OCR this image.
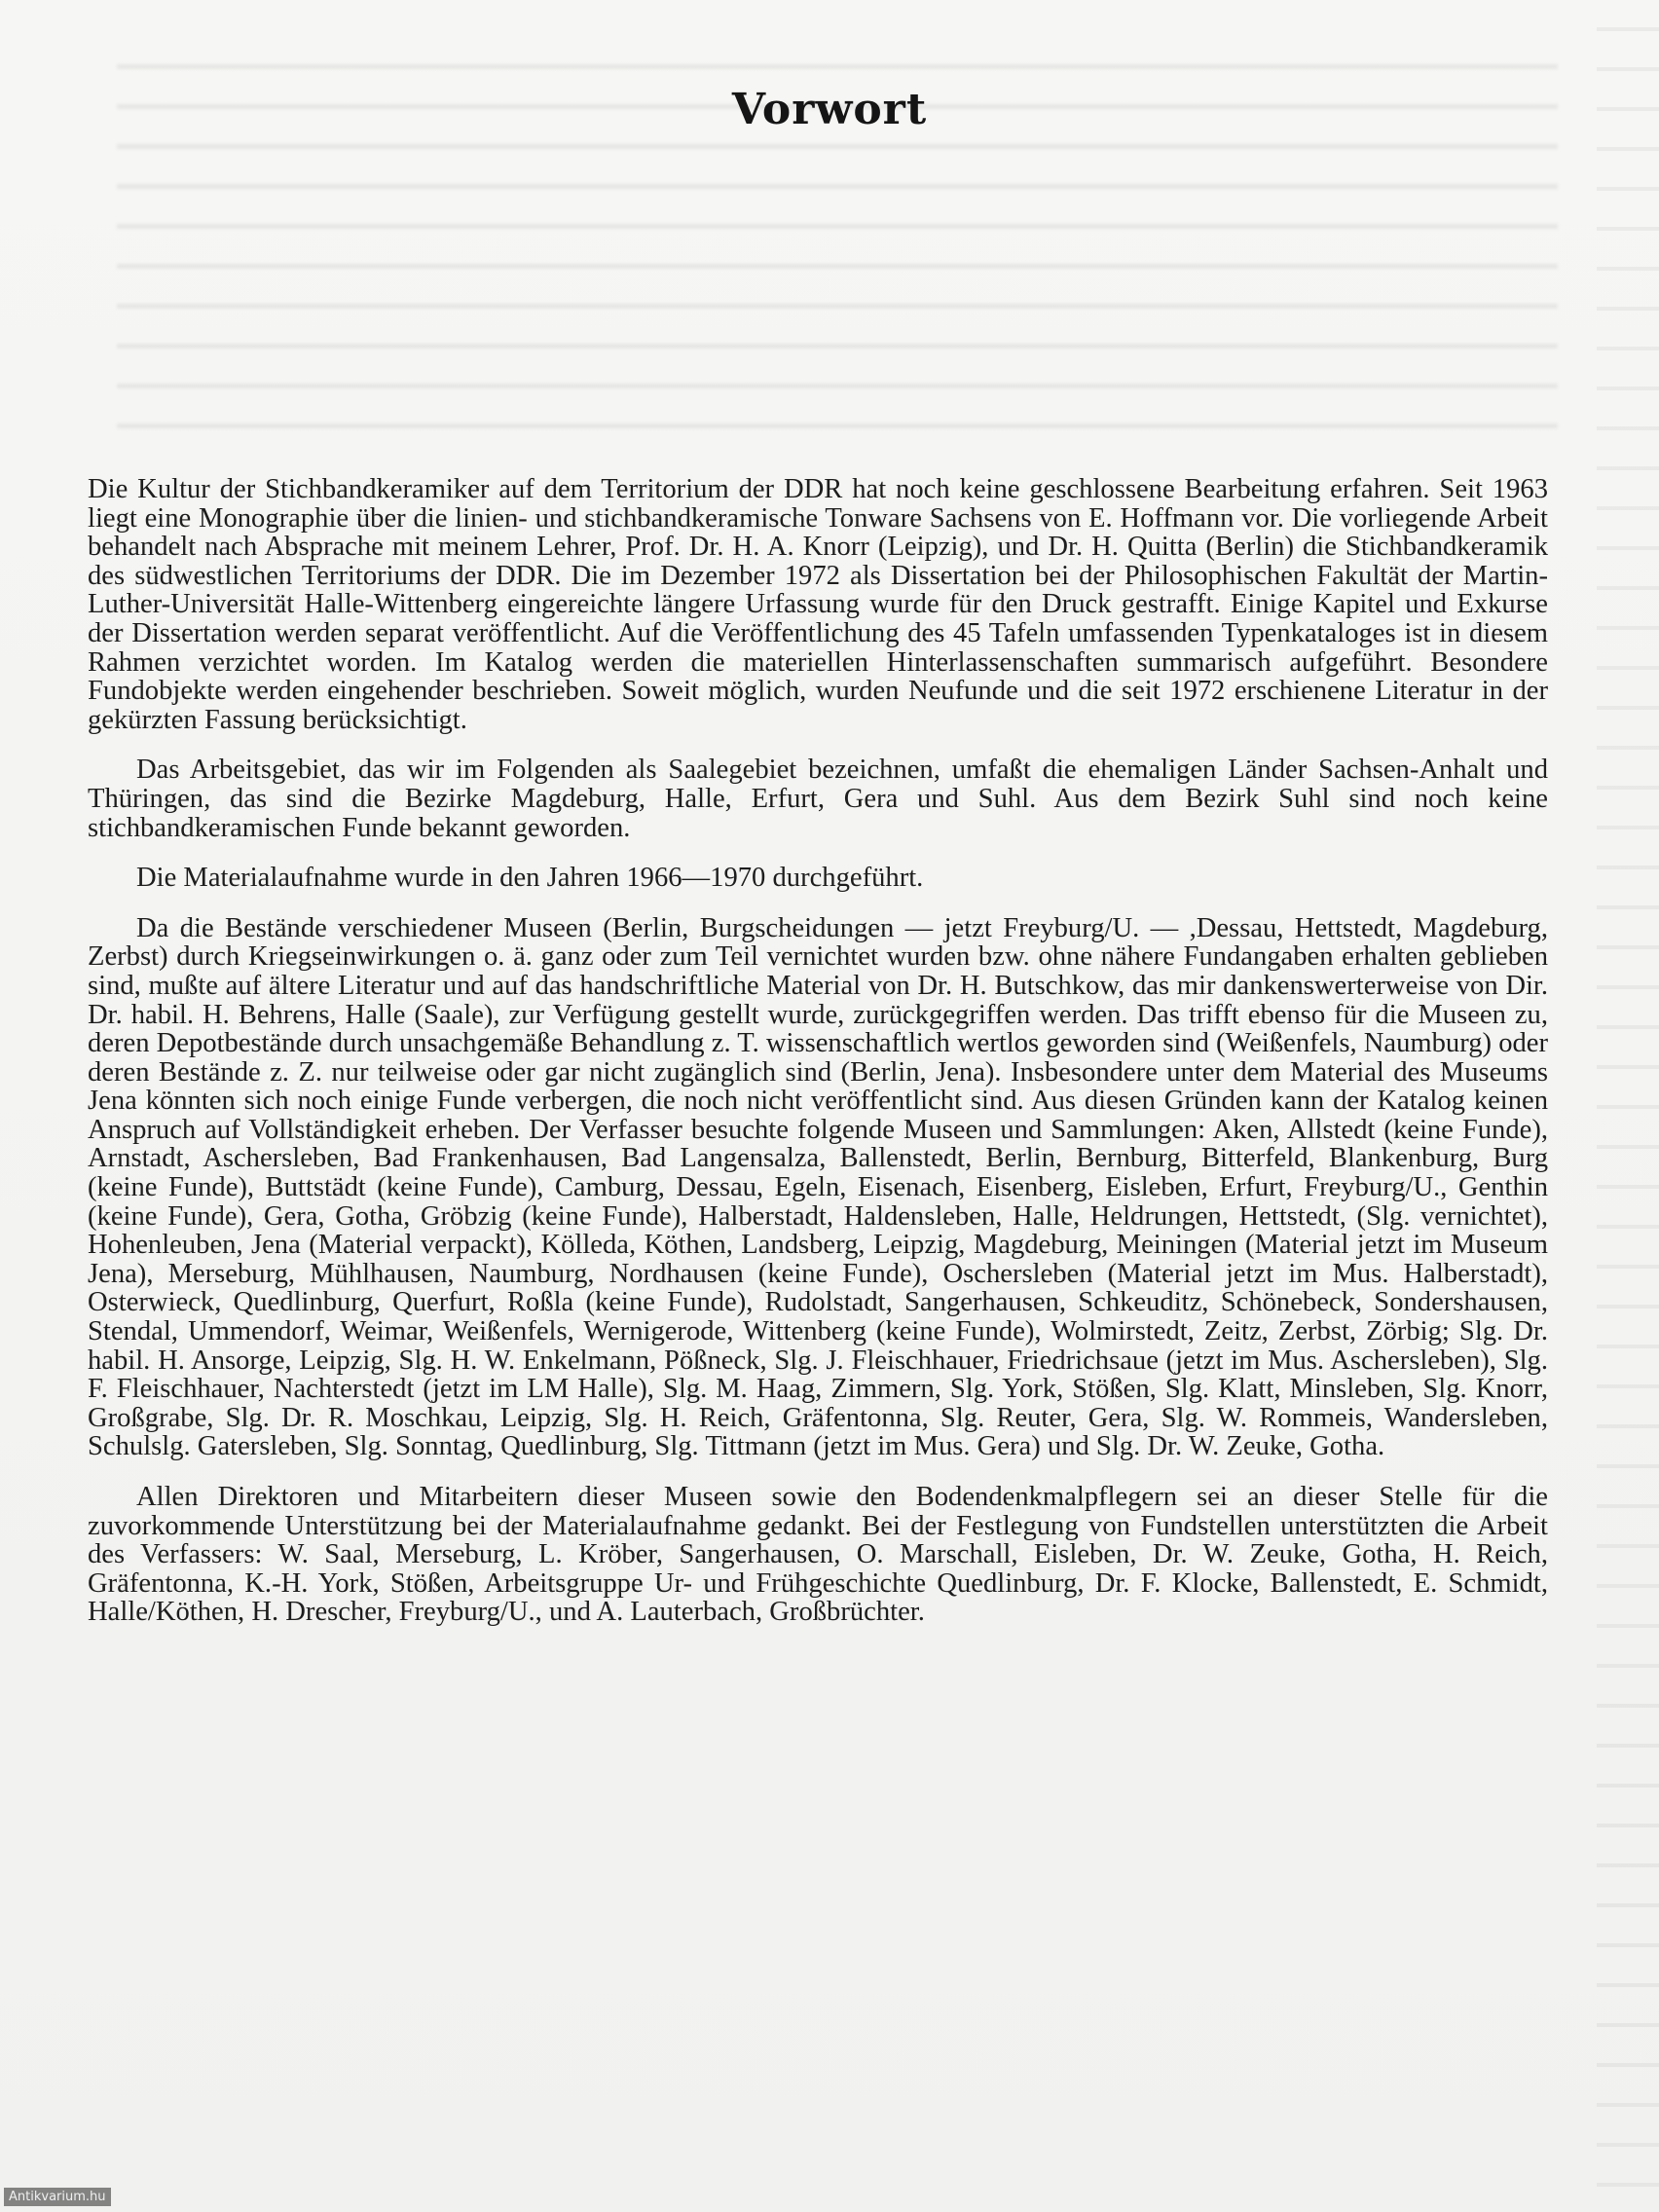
Vorwort

Die Kultur der Stichbandkeramiker auf dem Territorium der DDR hat noch keine geschlossene Bearbeitung erfahren. Seit 1963 liegt eine Monographie über die linien- und stichbandkeramische Tonware Sachsens von E. Hoffmann vor. Die vorliegende Arbeit behandelt nach Absprache mit meinem Lehrer, Prof. Dr. H. A. Knorr (Leipzig), und Dr. H. Quitta (Berlin) die Stichbandkeramik des südwestlichen Territoriums der DDR. Die im Dezember 1972 als Dissertation bei der Philosophischen Fakultät der Martin-Luther-Universität Halle-Wittenberg eingereichte längere Urfassung wurde für den Druck gestrafft. Einige Kapitel und Exkurse der Dissertation werden separat veröffentlicht. Auf die Veröffentlichung des 45 Tafeln umfassenden Typenkataloges ist in diesem Rahmen verzichtet worden. Im Katalog werden die materiellen Hinterlassenschaften summarisch aufgeführt. Besondere Fundobjekte werden eingehender beschrieben. Soweit möglich, wurden Neufunde und die seit 1972 erschienene Literatur in der gekürzten Fassung berücksichtigt.

Das Arbeitsgebiet, das wir im Folgenden als Saalegebiet bezeichnen, umfaßt die ehemaligen Länder Sachsen-Anhalt und Thüringen, das sind die Bezirke Magdeburg, Halle, Erfurt, Gera und Suhl. Aus dem Bezirk Suhl sind noch keine stichbandkeramischen Funde bekannt geworden.

Die Materialaufnahme wurde in den Jahren 1966—1970 durchgeführt.

Da die Bestände verschiedener Museen (Berlin, Burgscheidungen — jetzt Freyburg/U. — ,Dessau, Hettstedt, Magdeburg, Zerbst) durch Kriegseinwirkungen o. ä. ganz oder zum Teil vernichtet wurden bzw. ohne nähere Fundangaben erhalten geblieben sind, mußte auf ältere Literatur und auf das handschriftliche Material von Dr. H. Butschkow, das mir dankenswerterweise von Dir. Dr. habil. H. Behrens, Halle (Saale), zur Verfügung gestellt wurde, zurückgegriffen werden. Das trifft ebenso für die Museen zu, deren Depotbestände durch unsachgemäße Behandlung z. T. wissenschaftlich wertlos geworden sind (Weißenfels, Naumburg) oder deren Bestände z. Z. nur teilweise oder gar nicht zugänglich sind (Berlin, Jena). Insbesondere unter dem Material des Museums Jena könnten sich noch einige Funde verbergen, die noch nicht veröffentlicht sind. Aus diesen Gründen kann der Katalog keinen Anspruch auf Vollständigkeit erheben. Der Verfasser besuchte folgende Museen und Sammlungen: Aken, Allstedt (keine Funde), Arnstadt, Aschersleben, Bad Frankenhausen, Bad Langensalza, Ballenstedt, Berlin, Bernburg, Bitterfeld, Blankenburg, Burg (keine Funde), Buttstädt (keine Funde), Camburg, Dessau, Egeln, Eisenach, Eisenberg, Eisleben, Erfurt, Freyburg/U., Genthin (keine Funde), Gera, Gotha, Gröbzig (keine Funde), Halberstadt, Haldensleben, Halle, Heldrungen, Hettstedt, (Slg. vernichtet), Hohenleuben, Jena (Material verpackt), Kölleda, Köthen, Landsberg, Leipzig, Magdeburg, Meiningen (Material jetzt im Museum Jena), Merseburg, Mühlhausen, Naumburg, Nordhausen (keine Funde), Oschersleben (Material jetzt im Mus. Halberstadt), Osterwieck, Quedlinburg, Querfurt, Roßla (keine Funde), Rudolstadt, Sangerhausen, Schkeuditz, Schönebeck, Sondershausen, Stendal, Ummendorf, Weimar, Weißenfels, Wernigerode, Wittenberg (keine Funde), Wolmirstedt, Zeitz, Zerbst, Zörbig; Slg. Dr. habil. H. Ansorge, Leipzig, Slg. H. W. Enkelmann, Pößneck, Slg. J. Fleischhauer, Friedrichsaue (jetzt im Mus. Aschersleben), Slg. F. Fleischhauer, Nachterstedt (jetzt im LM Halle), Slg. M. Haag, Zimmern, Slg. York, Stößen, Slg. Klatt, Minsleben, Slg. Knorr, Großgrabe, Slg. Dr. R. Moschkau, Leipzig, Slg. H. Reich, Gräfentonna, Slg. Reuter, Gera, Slg. W. Rommeis, Wandersleben, Schulslg. Gatersleben, Slg. Sonntag, Quedlinburg, Slg. Tittmann (jetzt im Mus. Gera) und Slg. Dr. W. Zeuke, Gotha.

Allen Direktoren und Mitarbeitern dieser Museen sowie den Bodendenkmalpflegern sei an dieser Stelle für die zuvorkommende Unterstützung bei der Materialaufnahme gedankt. Bei der Festlegung von Fundstellen unterstützten die Arbeit des Verfassers: W. Saal, Merseburg, L. Kröber, Sangerhausen, O. Marschall, Eisleben, Dr. W. Zeuke, Gotha, H. Reich, Gräfentonna, K.-H. York, Stößen, Arbeitsgruppe Ur- und Frühgeschichte Quedlinburg, Dr. F. Klocke, Ballenstedt, E. Schmidt, Halle/Köthen, H. Drescher, Freyburg/U., und A. Lauterbach, Großbrüchter.

Antikvarium.hu
